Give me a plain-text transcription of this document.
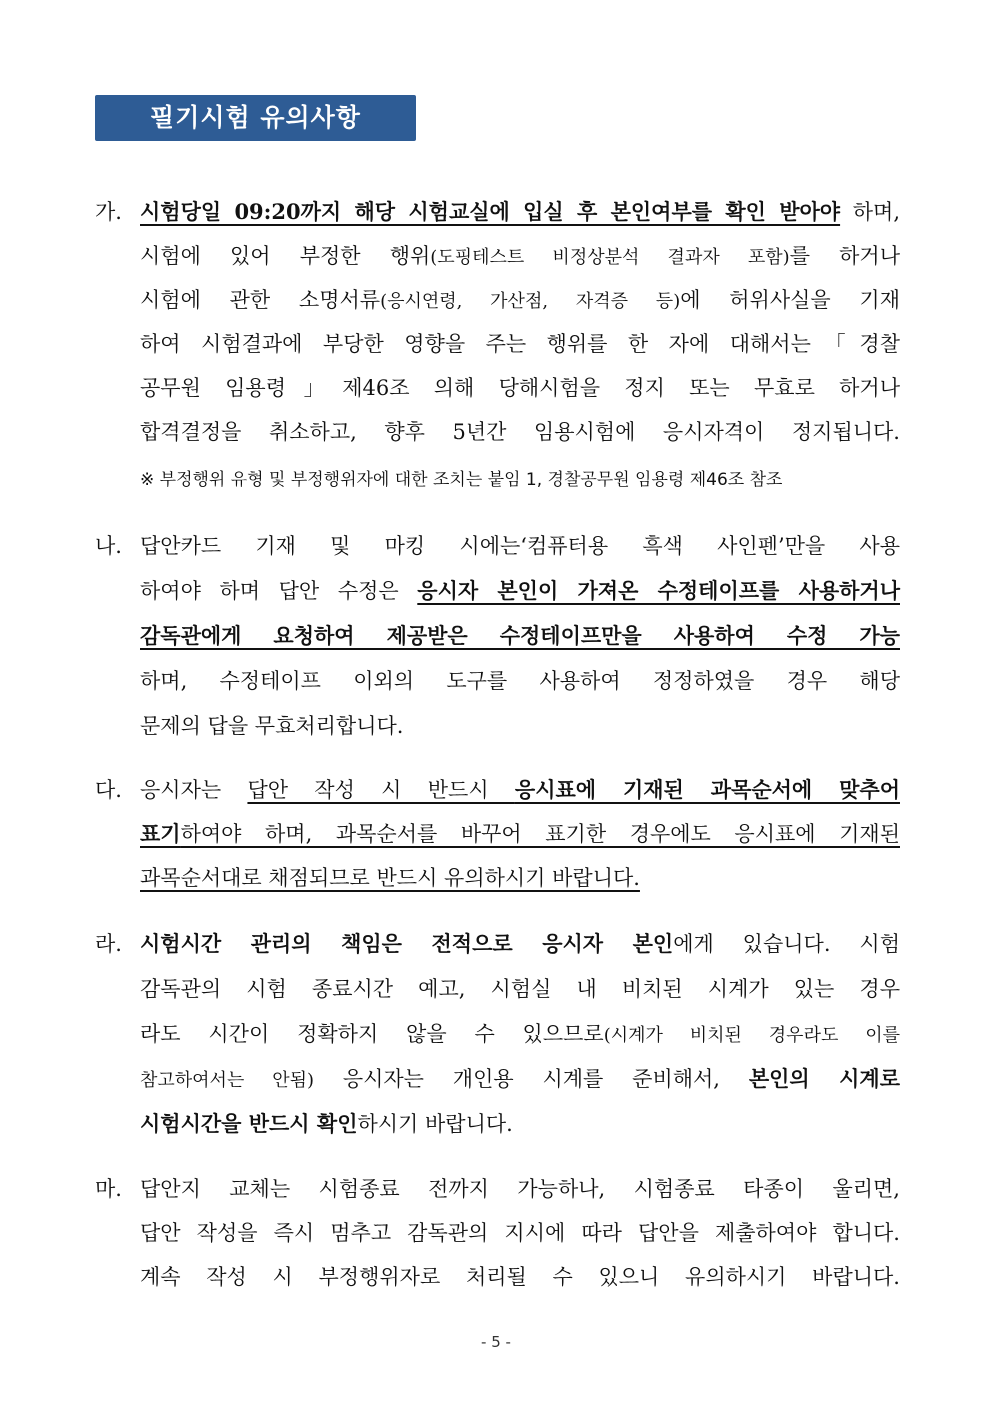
필기시험 유의사항
가. 시험당일 09:20까지 해당 시험교실에 입실 후 본인여부를 확인 받아야 하며,
시험에 있어 부정한 행위(도핑테스트 비정상분석 결과자 포함)를 하거나
시험에 관한 소명서류(응시연령, 가산점, 자격증 등)에 허위사실을 기재
하여 시험결과에 부당한 영향을 주는 행위를 한 자에 대해서는「경찰
공무원 임용령」제46조 의해 당해시험을 정지 또는 무효로 하거나
합격결정을 취소하고, 향후 5년간 임용시험에 응시자격이 정지됩니다.
※ 부정행위 유형 및 부정행위자에 대한 조치는 붙임 1, 경찰공무원 임용령 제46조 참조
나. 답안카드 기재 및 마킹 시에는‘컴퓨터용 흑색 사인펜’만을 사용
하여야 하며 답안 수정은 응시자 본인이 가져온 수정테이프를 사용하거나
감독관에게 요청하여 제공받은 수정테이프만을 사용하여 수정 가능
하며, 수정테이프 이외의 도구를 사용하여 정정하였을 경우 해당
문제의 답을 무효처리합니다.
다. 응시자는 답안 작성 시 반드시 응시표에 기재된 과목순서에 맞추어
표기하여야 하며, 과목순서를 바꾸어 표기한 경우에도 응시표에 기재된
과목순서대로 채점되므로 반드시 유의하시기 바랍니다.
라. 시험시간 관리의 책임은 전적으로 응시자 본인에게 있습니다. 시험
감독관의 시험 종료시간 예고, 시험실 내 비치된 시계가 있는 경우
라도 시간이 정확하지 않을 수 있으므로(시계가 비치된 경우라도 이를
참고하여서는 안됨) 응시자는 개인용 시계를 준비해서, 본인의 시계로
시험시간을 반드시 확인하시기 바랍니다.
마. 답안지 교체는 시험종료 전까지 가능하나, 시험종료 타종이 울리면,
답안 작성을 즉시 멈추고 감독관의 지시에 따라 답안을 제출하여야 합니다.
계속 작성 시 부정행위자로 처리될 수 있으니 유의하시기 바랍니다.
- 5 -
